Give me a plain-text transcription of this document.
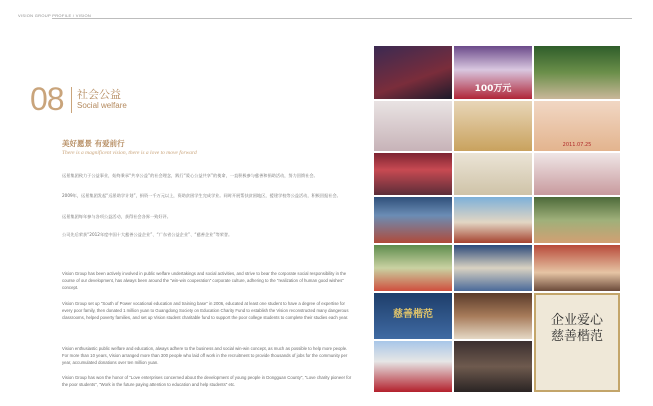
VISION GROUP PROFILE / VISION
08 社会公益
Social welfare
美好愿景 有爱前行
There is a magnificent vision, there is a love to move forward
远景集团致力于公益事业，始终秉承“共享公益”的社会理念，践行“爱心公益共享”的使命，一直积极参与慈善和捐助活动，努力回馈社会。
2009年，远景集团发起“远景助学计划”，捐资一千万元以上，资助贫困学生完成学业。同时开展帮扶贫困地区，援建学校等公益活动，积极回报社会。
远景集团每年参与各项公益活动，获得社会各界一致好评。
公司先后荣获“2012年度中国十大慈善公益企业”、“广东省公益企业”、“慈善企业”等荣誉。
Vision Group has been actively involved in public welfare undertakings and social activities, and strive to bear the corporate social responsibility in the course of our development, has always been around the "win-win cooperation" corporate culture, adhering to the "realization of human good wishes" concept.
Vision Group set up "South of Power vocational education and training base" in 2006, educated at least one student to have a degree of expertise for every poor family, then donated 1 million yuan to Guangdong Society on Education Charity Fund to establish the Vision reconstructed many dangerous classrooms, helped poverty families, and set up Vision student charitable fund to support the poor college students to complete their studies each year.
Vision enthusiastic public welfare and education, always adhere to the business and social win-win concept, as much as possible to help more people. For more than 10 years, Vision arranged more than 300 people who laid off work in the recruitment to provide thousands of jobs for the community per year, accumulated donations over ten million yuan.
Vision Group has won the honor of "Love enterprises concerned about the development of young people in Dongguan County", "Love charity pioneer for the poor students", "Work in the future paying attention to education and help students" etc.
100万元
2011.07.25
慈善楷范	企业爱心 慈善楷范
